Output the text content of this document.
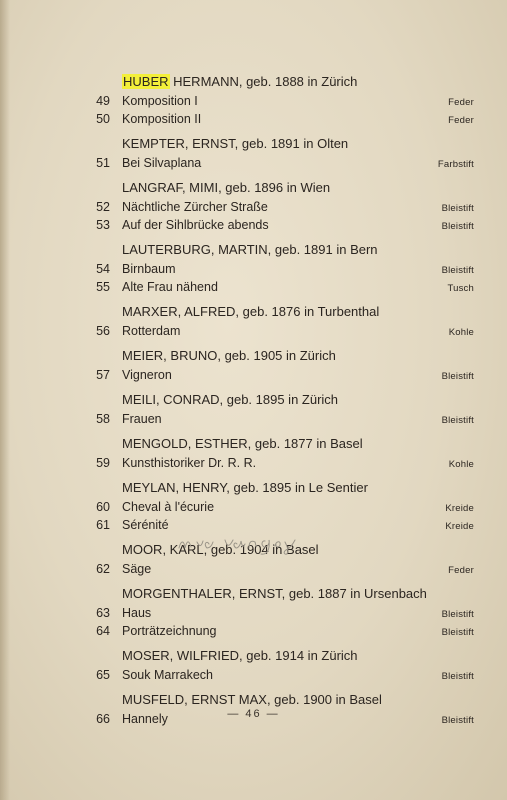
HUBER HERMANN, geb. 1888 in Zürich
49 Komposition I	Feder
50 Komposition II	Feder
KEMPTER, ERNST, geb. 1891 in Olten
51 Bei Silvaplana	Farbstift
LANGRAF, MIMI, geb. 1896 in Wien
52 Nächtliche Zürcher Straße	Bleistift
53 Auf der Sihlbrücke abends	Bleistift
LAUTERBURG, MARTIN, geb. 1891 in Bern
54 Birnbaum	Bleistift
55 Alte Frau nähend	Tusch
MARXER, ALFRED, geb. 1876 in Turbenthal
56 Rotterdam	Kohle
MEIER, BRUNO, geb. 1905 in Zürich
57 Vigneron	Bleistift
MEILI, CONRAD, geb. 1895 in Zürich
58 Frauen	Bleistift
MENGOLD, ESTHER, geb. 1877 in Basel
59 Kunsthistoriker Dr. R. R.	Kohle
MEYLAN, HENRY, geb. 1895 in Le Sentier
60 Cheval à l'écurie	Kreide
61 Sérénité	Kreide
MOOR, KARL, geb. 1904 in Basel
62 Säge	Feder
MORGENTHALER, ERNST, geb. 1887 in Ursenbach
63 Haus	Bleistift
64 Porträtzeichnung	Bleistift
MOSER, WILFRIED, geb. 1914 in Zürich
65 Souk Marrakech	Bleistift
MUSFELD, ERNST MAX, geb. 1900 in Basel
66 Hannely	Bleistift
— 46 —
